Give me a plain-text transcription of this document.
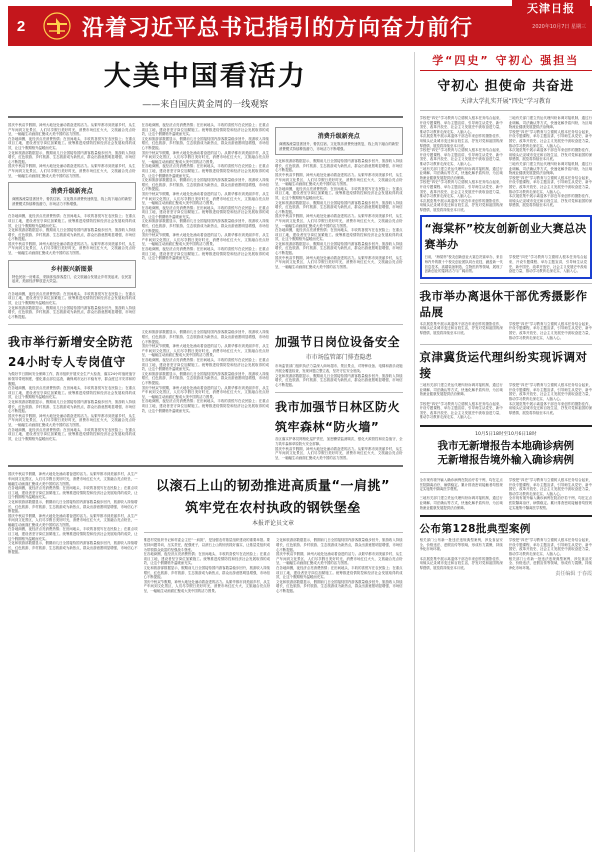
2	沿着习近平总书记指引的方向奋力前行	2020年10月7日 星期三
天津日报
大美中国看活力
——来自国庆黄金周的一线观察
国庆中秋双节假期，神州大地处处涌动着奋进的活力。从繁华都市到美丽乡村，从生产车间到文化景区，人们尽享假日美好时光，消费市场红红火火，文旅融合亮点纷呈，一幅幅生动画面汇聚成大美中国的活力图景。
在各地商圈，夜经济点亮消费热情；在田间地头，丰收的喜悦写在农民脸上；在重点项目工地，建设者坚守岗位加紧施工。统筹推进疫情防控和经济社会发展取得的成效，让这个假期格外温暖而充实。
文化和旅游部数据显示，假期前几日全国接待国内游客数量稳步回升，旅游收入持续增长，红色旅游、乡村旅游、生态旅游成为新热点，群众出游意愿明显增强，市场信心不断提振。
国庆中秋双节假期，神州大地处处涌动着奋进的活力。从繁华都市到美丽乡村，从生产车间到文化景区，人们尽享假日美好时光，消费市场红红火火，文旅融合亮点纷呈，一幅幅生动画面汇聚成大美中国的活力图景。
消费升级新亮点
商圈客流量显著回升，餐饮住宿、文化娱乐消费快速恢复，线上线下融合的新型消费模式持续释放潜力，市场活力不断增强。
在各地商圈，夜经济点亮消费热情；在田间地头，丰收的喜悦写在农民脸上；在重点项目工地，建设者坚守岗位加紧施工。统筹推进疫情防控和经济社会发展取得的成效，让这个假期格外温暖而充实。
文化和旅游部数据显示，假期前几日全国接待国内游客数量稳步回升，旅游收入持续增长，红色旅游、乡村旅游、生态旅游成为新热点，群众出游意愿明显增强，市场信心不断提振。
国庆中秋双节假期，神州大地处处涌动着奋进的活力。从繁华都市到美丽乡村，从生产车间到文化景区，人们尽享假日美好时光，消费市场红红火火，文旅融合亮点纷呈，一幅幅生动画面汇聚成大美中国的活力图景。
乡村振兴新图景
特色民宿一房难求，采摘体验游客盈门，农文旅融合发展让乡村美起来、农民富起来，美丽经济释放更大效益。
在各地商圈，夜经济点亮消费热情；在田间地头，丰收的喜悦写在农民脸上；在重点项目工地，建设者坚守岗位加紧施工。统筹推进疫情防控和经济社会发展取得的成效，让这个假期格外温暖而充实。
文化和旅游部数据显示，假期前几日全国接待国内游客数量稳步回升，旅游收入持续增长，红色旅游、乡村旅游、生态旅游成为新热点，群众出游意愿明显增强，市场信心不断提振。
在各地商圈，夜经济点亮消费热情；在田间地头，丰收的喜悦写在农民脸上；在重点项目工地，建设者坚守岗位加紧施工。统筹推进疫情防控和经济社会发展取得的成效，让这个假期格外温暖而充实。
文化和旅游部数据显示，假期前几日全国接待国内游客数量稳步回升，旅游收入持续增长，红色旅游、乡村旅游、生态旅游成为新热点，群众出游意愿明显增强，市场信心不断提振。
国庆中秋双节假期，神州大地处处涌动着奋进的活力。从繁华都市到美丽乡村，从生产车间到文化景区，人们尽享假日美好时光，消费市场红红火火，文旅融合亮点纷呈，一幅幅生动画面汇聚成大美中国的活力图景。
在各地商圈，夜经济点亮消费热情；在田间地头，丰收的喜悦写在农民脸上；在重点项目工地，建设者坚守岗位加紧施工。统筹推进疫情防控和经济社会发展取得的成效，让这个假期格外温暖而充实。
文化和旅游部数据显示，假期前几日全国接待国内游客数量稳步回升，旅游收入持续增长，红色旅游、乡村旅游、生态旅游成为新热点，群众出游意愿明显增强，市场信心不断提振。
国庆中秋双节假期，神州大地处处涌动着奋进的活力。从繁华都市到美丽乡村，从生产车间到文化景区，人们尽享假日美好时光，消费市场红红火火，文旅融合亮点纷呈，一幅幅生动画面汇聚成大美中国的活力图景。
在各地商圈，夜经济点亮消费热情；在田间地头，丰收的喜悦写在农民脸上；在重点项目工地，建设者坚守岗位加紧施工。统筹推进疫情防控和经济社会发展取得的成效，让这个假期格外温暖而充实。
文化和旅游部数据显示，假期前几日全国接待国内游客数量稳步回升，旅游收入持续增长，红色旅游、乡村旅游、生态旅游成为新热点，群众出游意愿明显增强，市场信心不断提振。
国庆中秋双节假期，神州大地处处涌动着奋进的活力。从繁华都市到美丽乡村，从生产车间到文化景区，人们尽享假日美好时光，消费市场红红火火，文旅融合亮点纷呈，一幅幅生动画面汇聚成大美中国的活力图景。
在各地商圈，夜经济点亮消费热情；在田间地头，丰收的喜悦写在农民脸上；在重点项目工地，建设者坚守岗位加紧施工。统筹推进疫情防控和经济社会发展取得的成效，让这个假期格外温暖而充实。
消费升级新亮点
商圈客流量显著回升，餐饮住宿、文化娱乐消费快速恢复，线上线下融合的新型消费模式持续释放潜力，市场活力不断增强。
文化和旅游部数据显示，假期前几日全国接待国内游客数量稳步回升，旅游收入持续增长，红色旅游、乡村旅游、生态旅游成为新热点，群众出游意愿明显增强，市场信心不断提振。
国庆中秋双节假期，神州大地处处涌动着奋进的活力。从繁华都市到美丽乡村，从生产车间到文化景区，人们尽享假日美好时光，消费市场红红火火，文旅融合亮点纷呈，一幅幅生动画面汇聚成大美中国的活力图景。
在各地商圈，夜经济点亮消费热情；在田间地头，丰收的喜悦写在农民脸上；在重点项目工地，建设者坚守岗位加紧施工。统筹推进疫情防控和经济社会发展取得的成效，让这个假期格外温暖而充实。
文化和旅游部数据显示，假期前几日全国接待国内游客数量稳步回升，旅游收入持续增长，红色旅游、乡村旅游、生态旅游成为新热点，群众出游意愿明显增强，市场信心不断提振。
国庆中秋双节假期，神州大地处处涌动着奋进的活力。从繁华都市到美丽乡村，从生产车间到文化景区，人们尽享假日美好时光，消费市场红红火火，文旅融合亮点纷呈，一幅幅生动画面汇聚成大美中国的活力图景。
在各地商圈，夜经济点亮消费热情；在田间地头，丰收的喜悦写在农民脸上；在重点项目工地，建设者坚守岗位加紧施工。统筹推进疫情防控和经济社会发展取得的成效，让这个假期格外温暖而充实。
文化和旅游部数据显示，假期前几日全国接待国内游客数量稳步回升，旅游收入持续增长，红色旅游、乡村旅游、生态旅游成为新热点，群众出游意愿明显增强，市场信心不断提振。
国庆中秋双节假期，神州大地处处涌动着奋进的活力。从繁华都市到美丽乡村，从生产车间到文化景区，人们尽享假日美好时光，消费市场红红火火，文旅融合亮点纷呈，一幅幅生动画面汇聚成大美中国的活力图景。
我市举行新增安全防范
24小时专人专岗值守
为做好节日期间安全保障工作，我市组织开展安全生产大检查，落实24小时值班值守和领导带班制度，强化重点部位巡查，确保城市运行平稳有序，群众度过平安祥和的假期。
在各地商圈，夜经济点亮消费热情；在田间地头，丰收的喜悦写在农民脸上；在重点项目工地，建设者坚守岗位加紧施工。统筹推进疫情防控和经济社会发展取得的成效，让这个假期格外温暖而充实。
文化和旅游部数据显示，假期前几日全国接待国内游客数量稳步回升，旅游收入持续增长，红色旅游、乡村旅游、生态旅游成为新热点，群众出游意愿明显增强，市场信心不断提振。
国庆中秋双节假期，神州大地处处涌动着奋进的活力。从繁华都市到美丽乡村，从生产车间到文化景区，人们尽享假日美好时光，消费市场红红火火，文旅融合亮点纷呈，一幅幅生动画面汇聚成大美中国的活力图景。
在各地商圈，夜经济点亮消费热情；在田间地头，丰收的喜悦写在农民脸上；在重点项目工地，建设者坚守岗位加紧施工。统筹推进疫情防控和经济社会发展取得的成效，让这个假期格外温暖而充实。
文化和旅游部数据显示，假期前几日全国接待国内游客数量稳步回升，旅游收入持续增长，红色旅游、乡村旅游、生态旅游成为新热点，群众出游意愿明显增强，市场信心不断提振。
国庆中秋双节假期，神州大地处处涌动着奋进的活力。从繁华都市到美丽乡村，从生产车间到文化景区，人们尽享假日美好时光，消费市场红红火火，文旅融合亮点纷呈，一幅幅生动画面汇聚成大美中国的活力图景。
在各地商圈，夜经济点亮消费热情；在田间地头，丰收的喜悦写在农民脸上；在重点项目工地，建设者坚守岗位加紧施工。统筹推进疫情防控和经济社会发展取得的成效，让这个假期格外温暖而充实。
文化和旅游部数据显示，假期前几日全国接待国内游客数量稳步回升，旅游收入持续增长，红色旅游、乡村旅游、生态旅游成为新热点，群众出游意愿明显增强，市场信心不断提振。
国庆中秋双节假期，神州大地处处涌动着奋进的活力。从繁华都市到美丽乡村，从生产车间到文化景区，人们尽享假日美好时光，消费市场红红火火，文旅融合亮点纷呈，一幅幅生动画面汇聚成大美中国的活力图景。
在各地商圈，夜经济点亮消费热情；在田间地头，丰收的喜悦写在农民脸上；在重点项目工地，建设者坚守岗位加紧施工。统筹推进疫情防控和经济社会发展取得的成效，让这个假期格外温暖而充实。
加强节日岗位设备安全
市市场监管部门排查隐患
市场监管部门组织执法力量深入商场超市、景区景点，对特种设备、电梯和游乐设施开展全覆盖检查，发现问题立整立改，坚决守住安全底线。
文化和旅游部数据显示，假期前几日全国接待国内游客数量稳步回升，旅游收入持续增长，红色旅游、乡村旅游、生态旅游成为新热点，群众出游意愿明显增强，市场信心不断提振。
我市加强节日林区防火
筑牢森林“防火墙”
各区落实护林员网格化巡护责任，加密瞭望监测频次，强化火源管控和应急值守，全力筑牢森林草原防火安全屏障。
国庆中秋双节假期，神州大地处处涌动着奋进的活力。从繁华都市到美丽乡村，从生产车间到文化景区，人们尽享假日美好时光，消费市场红红火火，文旅融合亮点纷呈，一幅幅生动画面汇聚成大美中国的活力图景。
国庆中秋双节假期，神州大地处处涌动着奋进的活力。从繁华都市到美丽乡村，从生产车间到文化景区，人们尽享假日美好时光，消费市场红红火火，文旅融合亮点纷呈，一幅幅生动画面汇聚成大美中国的活力图景。
在各地商圈，夜经济点亮消费热情；在田间地头，丰收的喜悦写在农民脸上；在重点项目工地，建设者坚守岗位加紧施工。统筹推进疫情防控和经济社会发展取得的成效，让这个假期格外温暖而充实。
文化和旅游部数据显示，假期前几日全国接待国内游客数量稳步回升，旅游收入持续增长，红色旅游、乡村旅游、生态旅游成为新热点，群众出游意愿明显增强，市场信心不断提振。
国庆中秋双节假期，神州大地处处涌动着奋进的活力。从繁华都市到美丽乡村，从生产车间到文化景区，人们尽享假日美好时光，消费市场红红火火，文旅融合亮点纷呈，一幅幅生动画面汇聚成大美中国的活力图景。
在各地商圈，夜经济点亮消费热情；在田间地头，丰收的喜悦写在农民脸上；在重点项目工地，建设者坚守岗位加紧施工。统筹推进疫情防控和经济社会发展取得的成效，让这个假期格外温暖而充实。
文化和旅游部数据显示，假期前几日全国接待国内游客数量稳步回升，旅游收入持续增长，红色旅游、乡村旅游、生态旅游成为新热点，群众出游意愿明显增强，市场信心不断提振。
以滚石上山的韧劲推进高质量“一肩挑”
筑牢党在农村执政的钢铁堡垒
本报评论员文章
推进村党组织书记和村委会主任“一肩挑”，是加强农村基层组织建设的重要举措。要坚持问题导向，压实责任，配强班子，以滚石上山的韧劲抓好落实，让基层党组织成为带领群众致富的坚强战斗堡垒。
在各地商圈，夜经济点亮消费热情；在田间地头，丰收的喜悦写在农民脸上；在重点项目工地，建设者坚守岗位加紧施工。统筹推进疫情防控和经济社会发展取得的成效，让这个假期格外温暖而充实。
文化和旅游部数据显示，假期前几日全国接待国内游客数量稳步回升，旅游收入持续增长，红色旅游、乡村旅游、生态旅游成为新热点，群众出游意愿明显增强，市场信心不断提振。
国庆中秋双节假期，神州大地处处涌动着奋进的活力。从繁华都市到美丽乡村，从生产车间到文化景区，人们尽享假日美好时光，消费市场红红火火，文旅融合亮点纷呈，一幅幅生动画面汇聚成大美中国的活力图景。
文化和旅游部数据显示，假期前几日全国接待国内游客数量稳步回升，旅游收入持续增长，红色旅游、乡村旅游、生态旅游成为新热点，群众出游意愿明显增强，市场信心不断提振。
国庆中秋双节假期，神州大地处处涌动着奋进的活力。从繁华都市到美丽乡村，从生产车间到文化景区，人们尽享假日美好时光，消费市场红红火火，文旅融合亮点纷呈，一幅幅生动画面汇聚成大美中国的活力图景。
在各地商圈，夜经济点亮消费热情；在田间地头，丰收的喜悦写在农民脸上；在重点项目工地，建设者坚守岗位加紧施工。统筹推进疫情防控和经济社会发展取得的成效，让这个假期格外温暖而充实。
文化和旅游部数据显示，假期前几日全国接待国内游客数量稳步回升，旅游收入持续增长，红色旅游、乡村旅游、生态旅游成为新热点，群众出游意愿明显增强，市场信心不断提振。
学“四史” 守初心 强担当
守初心 担使命 共奋进
天津大学扎实开展“四史”学习教育
学校把“四史”学习教育与立德树人根本任务结合起来，开设专题课程、举办主题宣讲，引导师生从党史、新中国史、改革开放史、社会主义发展史中汲取奋进力量，推动学习教育走深走实、入脑入心。
本次展览集中展示离退休干部近年来创作的摄影佳作，用镜头记录城市变迁和百姓生活，抒发对党和祖国的深厚感情，展览将持续至本月底。
学校把“四史”学习教育与立德树人根本任务结合起来，开设专题课程、举办主题宣讲，引导师生从党史、新中国史、改革开放史、社会主义发展史中汲取奋进力量，推动学习教育走深走实、入脑入心。
三地有关部门建立货运代理纠纷诉调对接机制，通过行业调解、司法确认等方式，快速化解矛盾纠纷，为区域物流业健康发展提供法治保障。
学校把“四史”学习教育与立德树人根本任务结合起来，开设专题课程、举办主题宣讲，引导师生从党史、新中国史、改革开放史、社会主义发展史中汲取奋进力量，推动学习教育走深走实、入脑入心。
本次展览集中展示离退休干部近年来创作的摄影佳作，用镜头记录城市变迁和百姓生活，抒发对党和祖国的深厚感情，展览将持续至本月底。
三地有关部门建立货运代理纠纷诉调对接机制，通过行业调解、司法确认等方式，快速化解矛盾纠纷，为区域物流业健康发展提供法治保障。
学校把“四史”学习教育与立德树人根本任务结合起来，开设专题课程、举办主题宣讲，引导师生从党史、新中国史、改革开放史、社会主义发展史中汲取奋进力量，推动学习教育走深走实、入脑入心。
本次展览集中展示离退休干部近年来创作的摄影佳作，用镜头记录城市变迁和百姓生活，抒发对党和祖国的深厚感情，展览将持续至本月底。
三地有关部门建立货运代理纠纷诉调对接机制，通过行业调解、司法确认等方式，快速化解矛盾纠纷，为区域物流业健康发展提供法治保障。
学校把“四史”学习教育与立德树人根本任务结合起来，开设专题课程、举办主题宣讲，引导师生从党史、新中国史、改革开放史、社会主义发展史中汲取奋进力量，推动学习教育走深走实、入脑入心。
本次展览集中展示离退休干部近年来创作的摄影佳作，用镜头记录城市变迁和百姓生活，抒发对党和祖国的深厚感情，展览将持续至本月底。
“海棠杯”校友创新创业大赛总决赛举办
日前，“海棠杯”校友创新创业大赛总决赛举办，来自海内外的数十个校友创业团队同台竞技，涵盖新一代信息技术、高端装备制造、生物医药等领域，展现了创新创业的蓬勃活力与广阔前景。
学校把“四史”学习教育与立德树人根本任务结合起来，开设专题课程、举办主题宣讲，引导师生从党史、新中国史、改革开放史、社会主义发展史中汲取奋进力量，推动学习教育走深走实、入脑入心。
我市举办离退休干部优秀摄影作品展
本次展览集中展示离退休干部近年来创作的摄影佳作，用镜头记录城市变迁和百姓生活，抒发对党和祖国的深厚感情，展览将持续至本月底。
学校把“四史”学习教育与立德树人根本任务结合起来，开设专题课程、举办主题宣讲，引导师生从党史、新中国史、改革开放史、社会主义发展史中汲取奋进力量，推动学习教育走深走实、入脑入心。
京津冀货运代理纠纷实现诉调对接
三地有关部门建立货运代理纠纷诉调对接机制，通过行业调解、司法确认等方式，快速化解矛盾纠纷，为区域物流业健康发展提供法治保障。
学校把“四史”学习教育与立德树人根本任务结合起来，开设专题课程、举办主题宣讲，引导师生从党史、新中国史、改革开放史、社会主义发展史中汲取奋进力量，推动学习教育走深走实、入脑入心。
学校把“四史”学习教育与立德树人根本任务结合起来，开设专题课程、举办主题宣讲，引导师生从党史、新中国史、改革开放史、社会主义发展史中汲取奋进力量，推动学习教育走深走实、入脑入心。
本次展览集中展示离退休干部近年来创作的摄影佳作，用镜头记录城市变迁和百姓生活，抒发对党和祖国的深厚感情，展览将持续至本月底。
10月5日18时至10月6日18时
我市无新增报告本地确诊病例
无新增报告境外输入确诊病例
全市现有境外输入确诊病例在院治疗若干例，均在定点医院隔离治疗，病情稳定。累计排查密切接触者均按规定实施集中隔离医学观察。
学校把“四史”学习教育与立德树人根本任务结合起来，开设专题课程、举办主题宣讲，引导师生从党史、新中国史、改革开放史、社会主义发展史中汲取奋进力量，推动学习教育走深走实、入脑入心。
三地有关部门建立货运代理纠纷诉调对接机制，通过行业调解、司法确认等方式，快速化解矛盾纠纷，为区域物流业健康发展提供法治保障。
全市现有境外输入确诊病例在院治疗若干例，均在定点医院隔离治疗，病情稳定。累计排查密切接触者均按规定实施集中隔离医学观察。
公布第128批典型案例
相关部门公布新一批违法违规典型案例，涉及食品安全、价格违法、虚假宣传等领域，形成有力震慑，持续净化市场环境。
学校把“四史”学习教育与立德树人根本任务结合起来，开设专题课程、举办主题宣讲，引导师生从党史、新中国史、改革开放史、社会主义发展史中汲取奋进力量，推动学习教育走深走实、入脑入心。
本次展览集中展示离退休干部近年来创作的摄影佳作，用镜头记录城市变迁和百姓生活，抒发对党和祖国的深厚感情，展览将持续至本月底。
相关部门公布新一批违法违规典型案例，涉及食品安全、价格违法、虚假宣传等领域，形成有力震慑，持续净化市场环境。
责任编辑 于春霞
